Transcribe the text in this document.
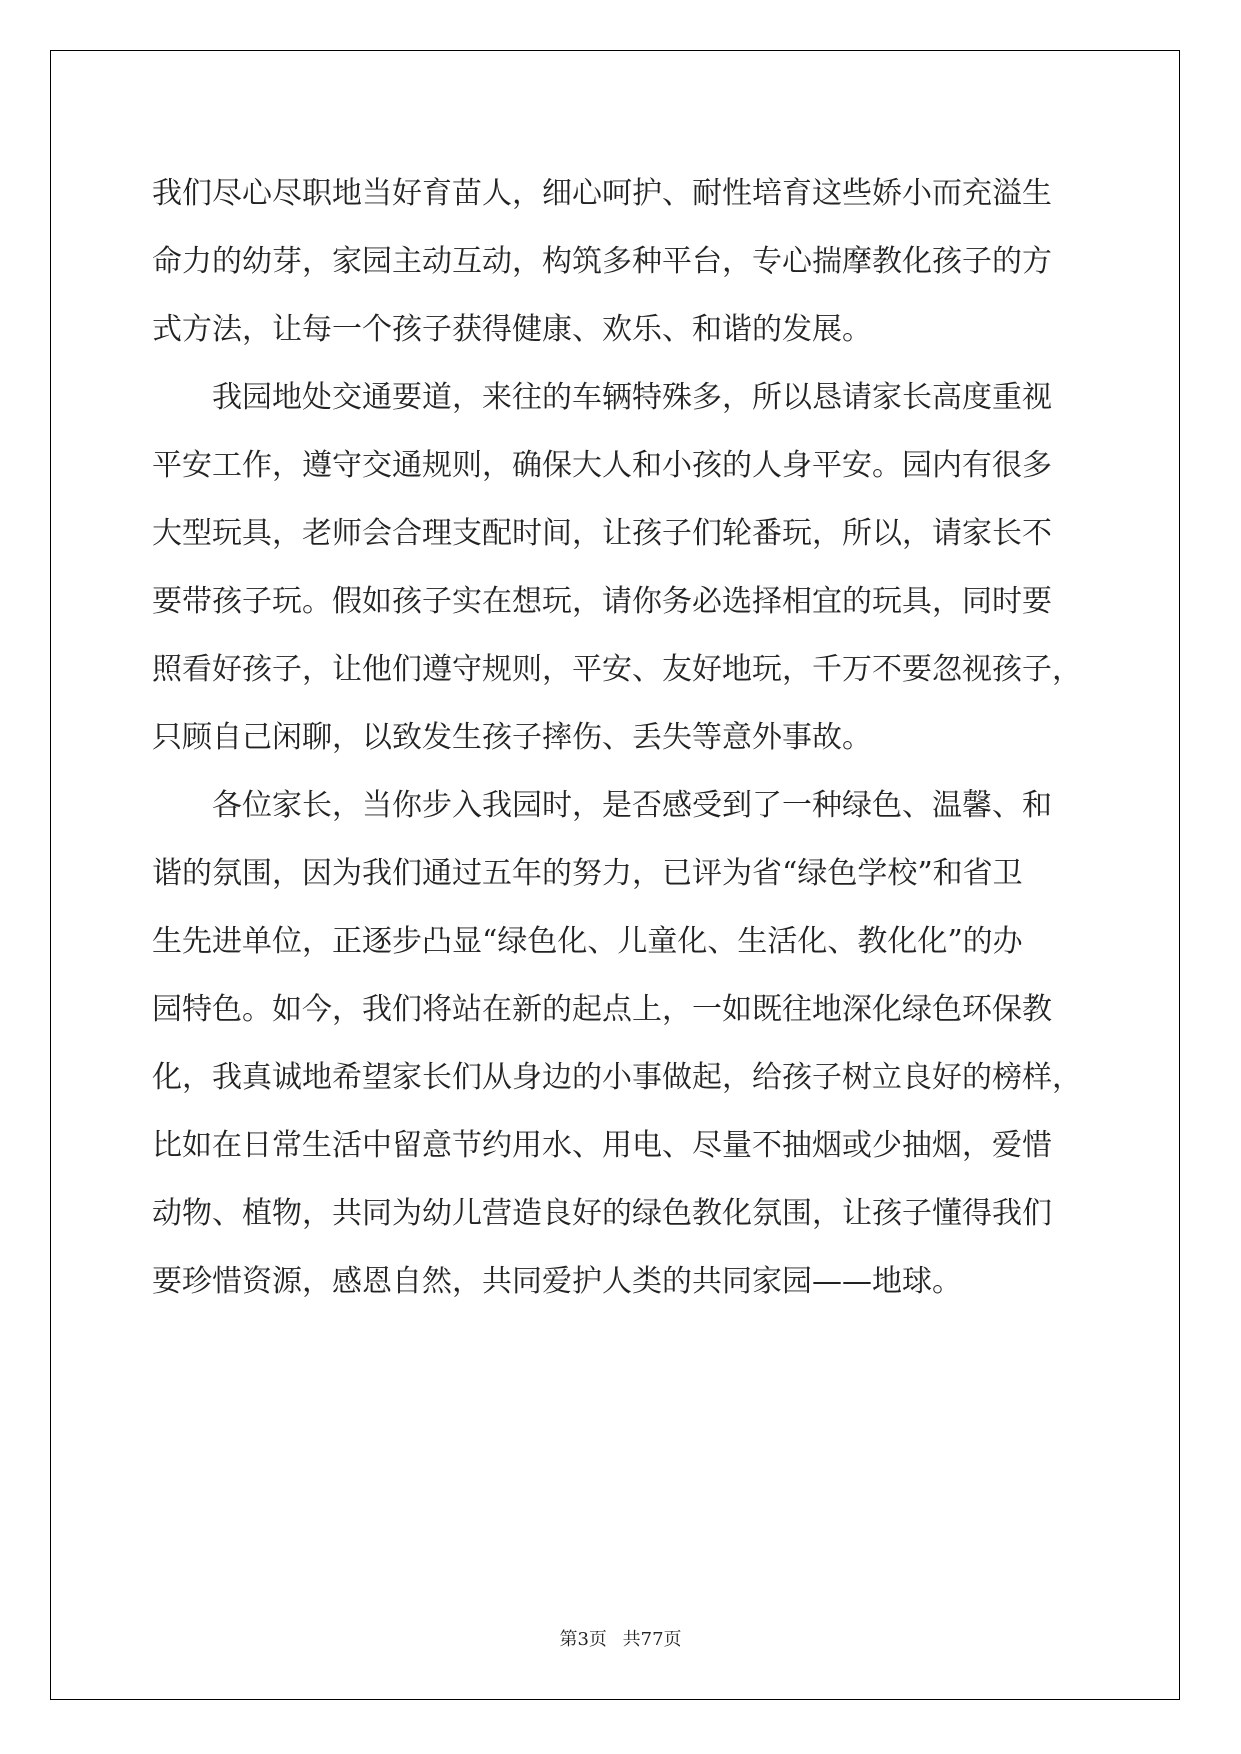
我们尽心尽职地当好育苗人，细心呵护、耐性培育这些娇小而充溢生
命力的幼芽，家园主动互动，构筑多种平台，专心揣摩教化孩子的方
式方法，让每一个孩子获得健康、欢乐、和谐的发展。
　　我园地处交通要道，来往的车辆特殊多，所以恳请家长高度重视
平安工作，遵守交通规则，确保大人和小孩的人身平安。园内有很多
大型玩具，老师会合理支配时间，让孩子们轮番玩，所以，请家长不
要带孩子玩。假如孩子实在想玩，请你务必选择相宜的玩具，同时要
照看好孩子，让他们遵守规则，平安、友好地玩，千万不要忽视孩子，
只顾自己闲聊，以致发生孩子摔伤、丢失等意外事故。
　　各位家长，当你步入我园时，是否感受到了一种绿色、温馨、和
谐的氛围，因为我们通过五年的努力，已评为省“绿色学校”和省卫
生先进单位，正逐步凸显“绿色化、儿童化、生活化、教化化”的办
园特色。如今，我们将站在新的起点上，一如既往地深化绿色环保教
化，我真诚地希望家长们从身边的小事做起，给孩子树立良好的榜样，
比如在日常生活中留意节约用水、用电、尽量不抽烟或少抽烟，爱惜
动物、植物，共同为幼儿营造良好的绿色教化氛围，让孩子懂得我们
要珍惜资源，感恩自然，共同爱护人类的共同家园——地球。
第3页 共77页
